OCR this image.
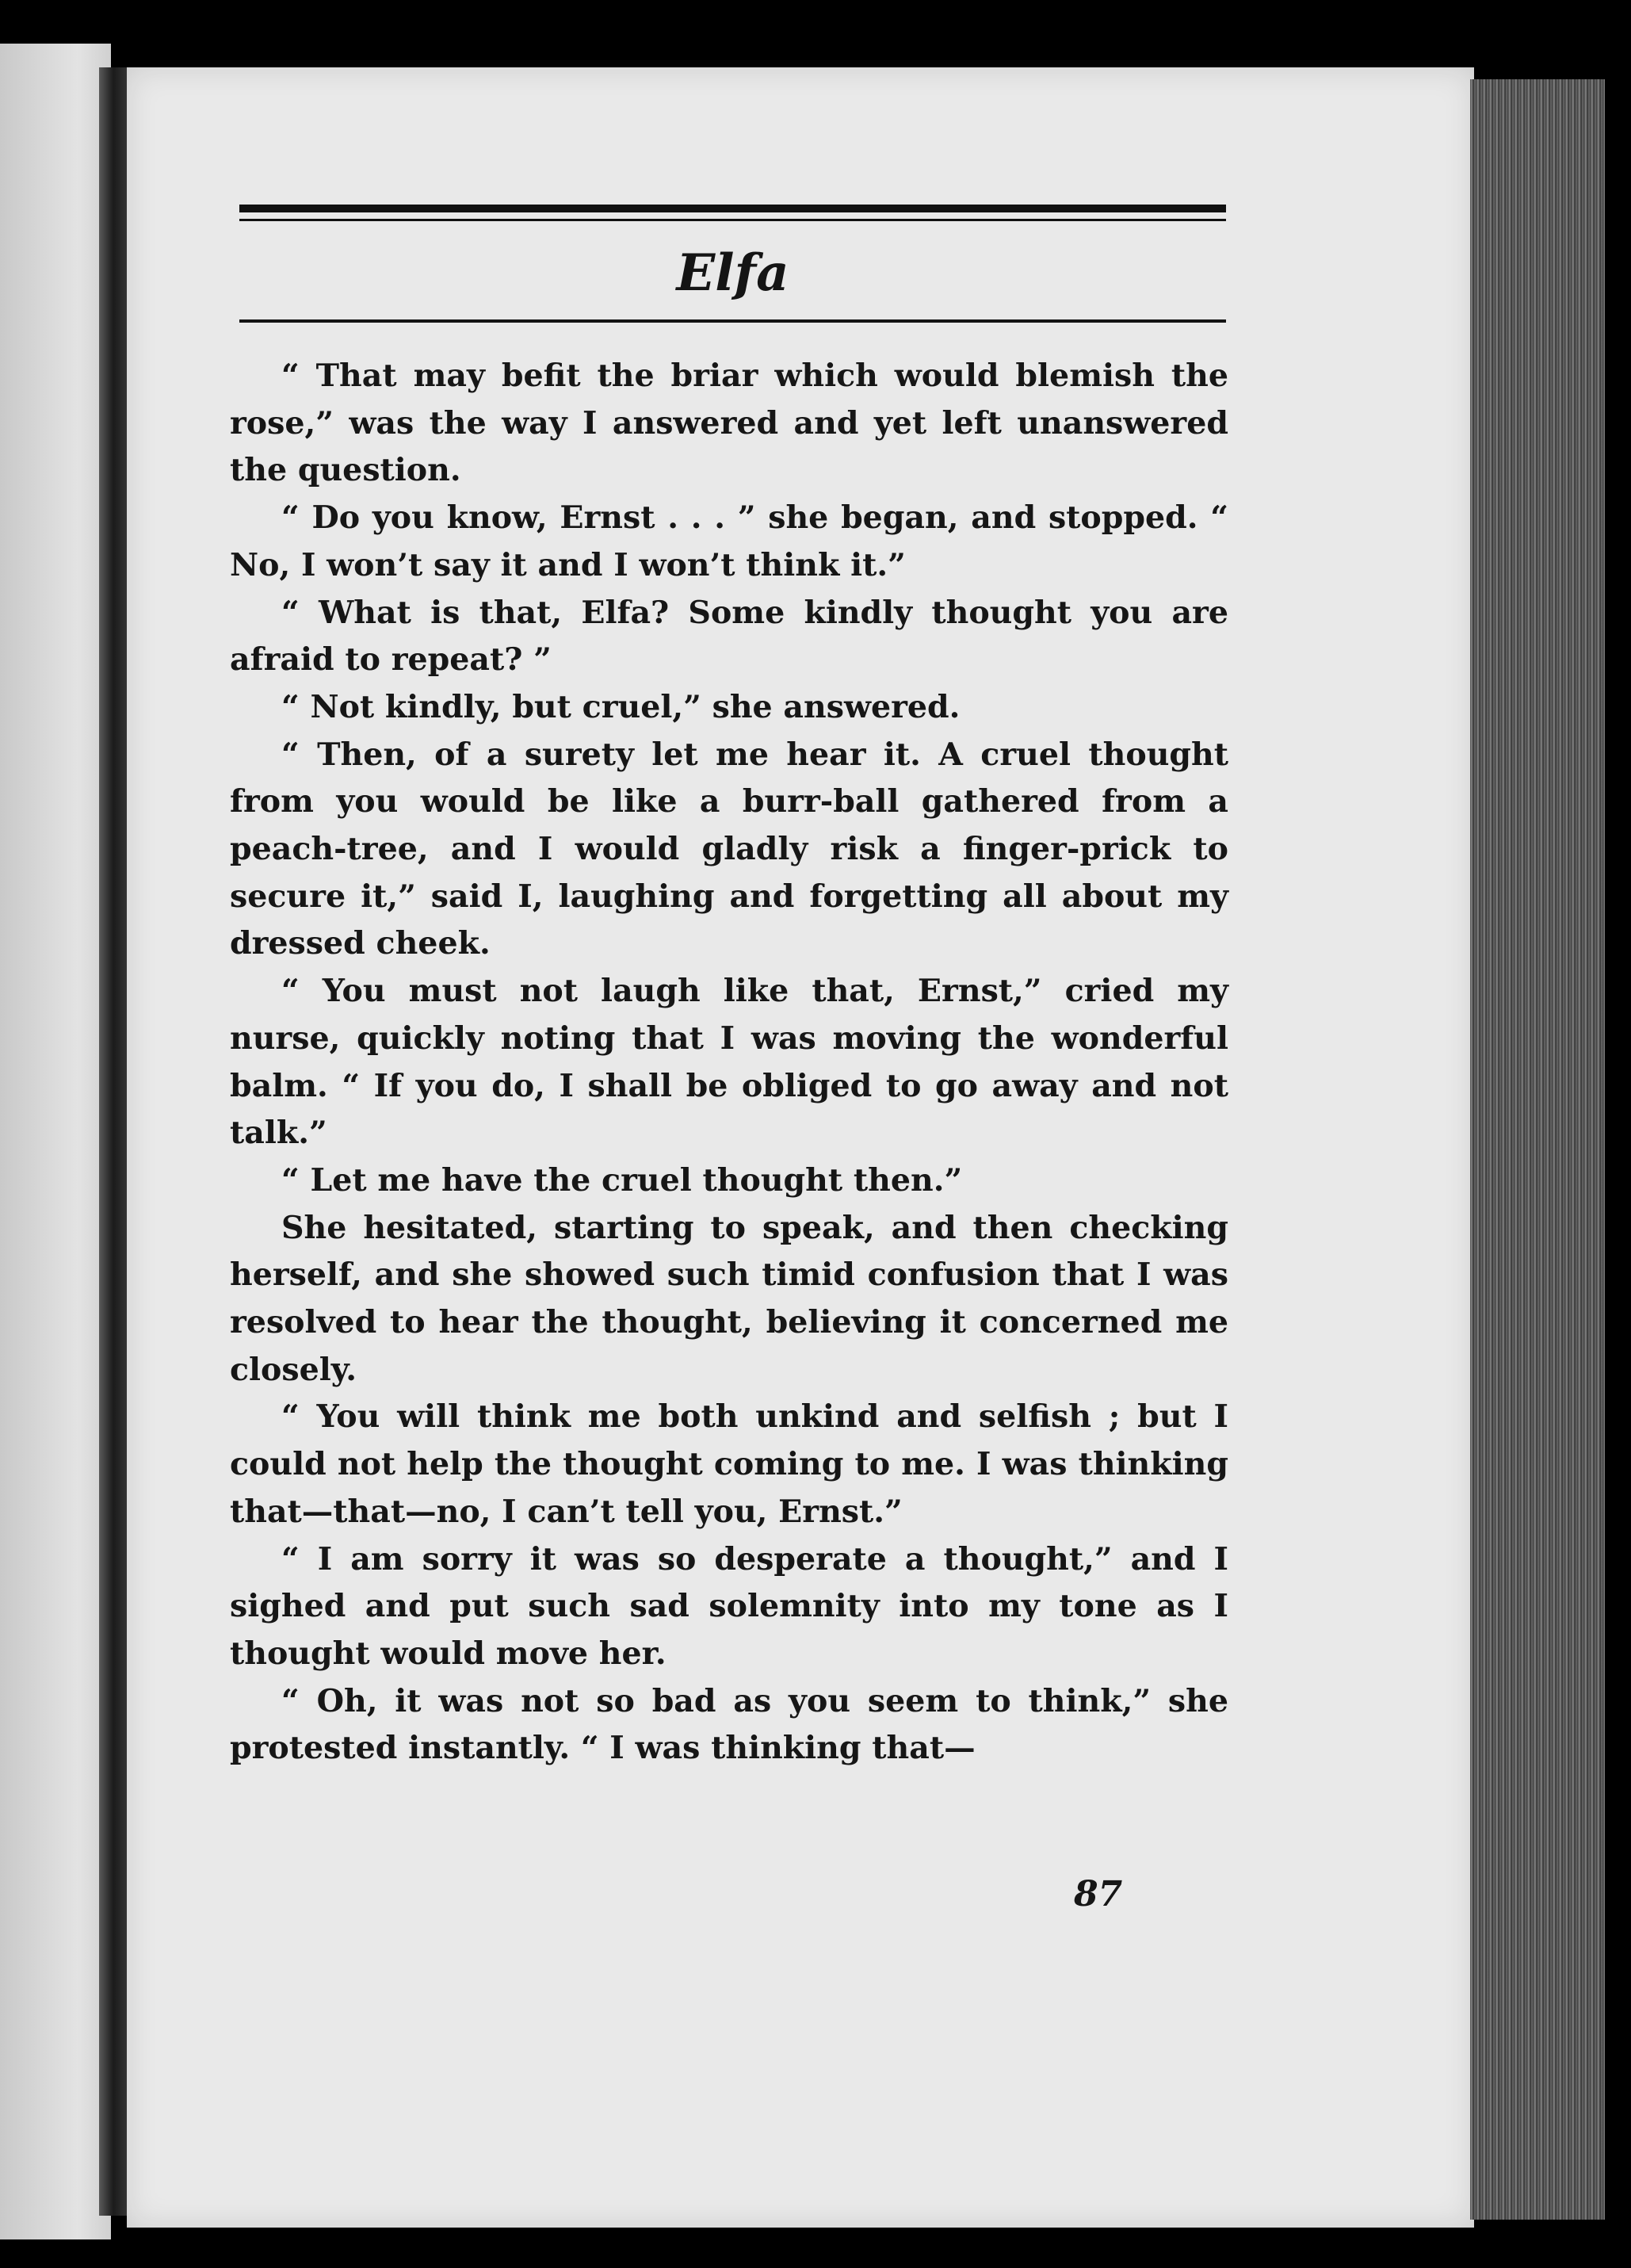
Elfa

“ That may befit the briar which would blemish the rose,” was the way I answered and yet left unanswered the question.

“ Do you know, Ernst . . . ” she began, and stopped. “ No, I won’t say it and I won’t think it.”

“ What is that, Elfa? Some kindly thought you are afraid to repeat? ”

“ Not kindly, but cruel,” she answered.

“ Then, of a surety let me hear it. A cruel thought from you would be like a burr-ball gathered from a peach-tree, and I would gladly risk a finger-prick to secure it,” said I, laughing and forgetting all about my dressed cheek.

“ You must not laugh like that, Ernst,” cried my nurse, quickly noting that I was moving the wonderful balm. “ If you do, I shall be obliged to go away and not talk.”

“ Let me have the cruel thought then.”

She hesitated, starting to speak, and then checking herself, and she showed such timid confusion that I was resolved to hear the thought, believing it concerned me closely.

“ You will think me both unkind and selfish ; but I could not help the thought coming to me. I was thinking that—that—no, I can’t tell you, Ernst.”

“ I am sorry it was so desperate a thought,” and I sighed and put such sad solemnity into my tone as I thought would move her.

“ Oh, it was not so bad as you seem to think,” she protested instantly. “ I was thinking that—

87
